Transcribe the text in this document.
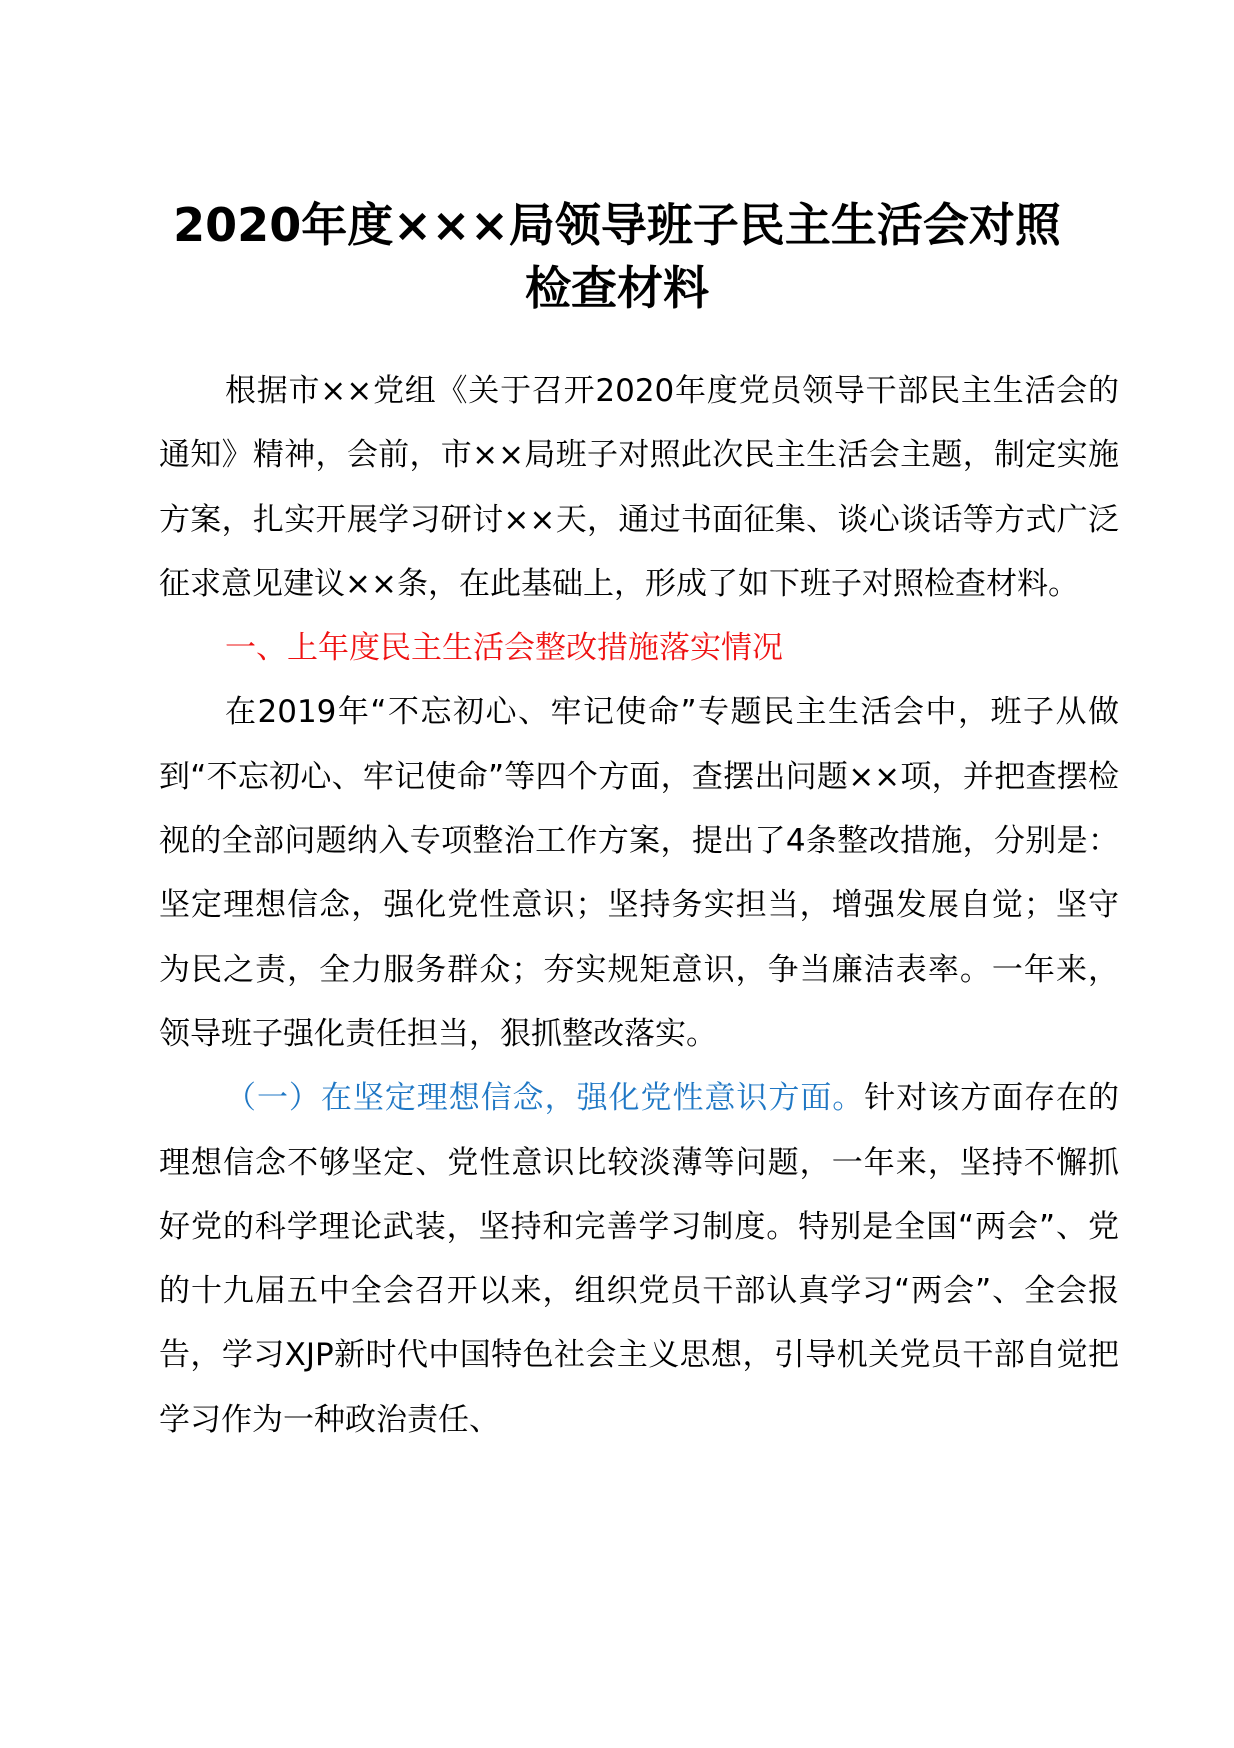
2020年度×××局领导班子民主生活会对照
检查材料

根据市××党组《关于召开2020年度党员领导干部民主生活会的通知》精神，会前，市××局班子对照此次民主生活会主题，制定实施方案，扎实开展学习研讨××天，通过书面征集、谈心谈话等方式广泛征求意见建议××条，在此基础上，形成了如下班子对照检查材料。

一、上年度民主生活会整改措施落实情况

在2019年“不忘初心、牢记使命”专题民主生活会中，班子从做到“不忘初心、牢记使命”等四个方面，查摆出问题××项，并把查摆检视的全部问题纳入专项整治工作方案，提出了4条整改措施，分别是：坚定理想信念，强化党性意识；坚持务实担当，增强发展自觉；坚守为民之责，全力服务群众；夯实规矩意识，争当廉洁表率。一年来，领导班子强化责任担当，狠抓整改落实。

（一）在坚定理想信念，强化党性意识方面。针对该方面存在的理想信念不够坚定、党性意识比较淡薄等问题，一年来，坚持不懈抓好党的科学理论武装，坚持和完善学习制度。特别是全国“两会”、党的十九届五中全会召开以来，组织党员干部认真学习“两会”、全会报告，学习XJP新时代中国特色社会主义思想，引导机关党员干部自觉把学习作为一种政治责任、
